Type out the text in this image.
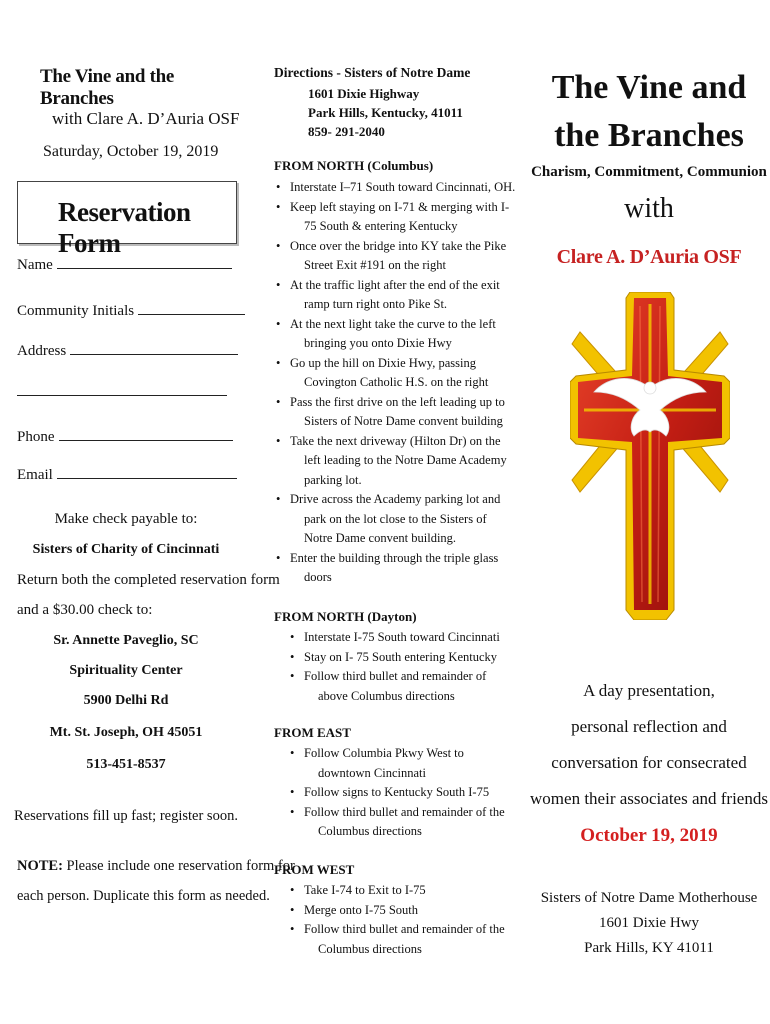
The Vine and the Branches
with Clare A. D’Auria OSF
Saturday, October 19, 2019
Reservation Form
Name
Community Initials
Address
Phone
Email
Make check payable to:
Sisters of Charity of Cincinnati
Return both the completed reservation form
and a $30.00 check to:
Sr. Annette Paveglio, SC
Spirituality Center
5900 Delhi Rd
Mt. St. Joseph, OH 45051
513-451-8537
Reservations fill up fast; register soon.
NOTE: Please include one reservation form for
each person. Duplicate this form as needed.
Directions - Sisters of Notre Dame
1601 Dixie Highway
Park Hills, Kentucky, 41011
859- 291-2040
FROM NORTH (Columbus)
• Interstate I–71 South toward Cincinnati, OH.
• Keep left staying on I-71 & merging with I-
75 South & entering Kentucky
• Once over the bridge into KY take the Pike
Street Exit #191 on the right
• At the traffic light after the end of the exit
ramp turn right onto Pike St.
• At the next light take the curve to the left
bringing you onto Dixie Hwy
• Go up the hill on Dixie Hwy, passing
Covington Catholic H.S. on the right
• Pass the first drive on the left leading up to
Sisters of Notre Dame convent building
• Take the next driveway (Hilton Dr) on the
left leading to the Notre Dame Academy
parking lot.
• Drive across the Academy parking lot and
park on the lot close to the Sisters of
Notre Dame convent building.
• Enter the building through the triple glass
doors
FROM NORTH (Dayton)
• Interstate I-75 South toward Cincinnati
• Stay on I- 75 South entering Kentucky
• Follow third bullet and remainder of
above Columbus directions
FROM EAST
• Follow Columbia Pkwy West to
downtown Cincinnati
• Follow signs to Kentucky South I-75
• Follow third bullet and remainder of the
Columbus directions
FROM WEST
• Take I-74 to Exit to I-75
• Merge onto I-75 South
• Follow third bullet and remainder of the
Columbus directions
The Vine and
the Branches
Charism, Commitment, Communion
with
Clare A. D’Auria OSF
A day presentation,
personal reflection and
conversation for consecrated
women their associates and friends
October 19, 2019
Sisters of Notre Dame Motherhouse
1601 Dixie Hwy
Park Hills, KY 41011
